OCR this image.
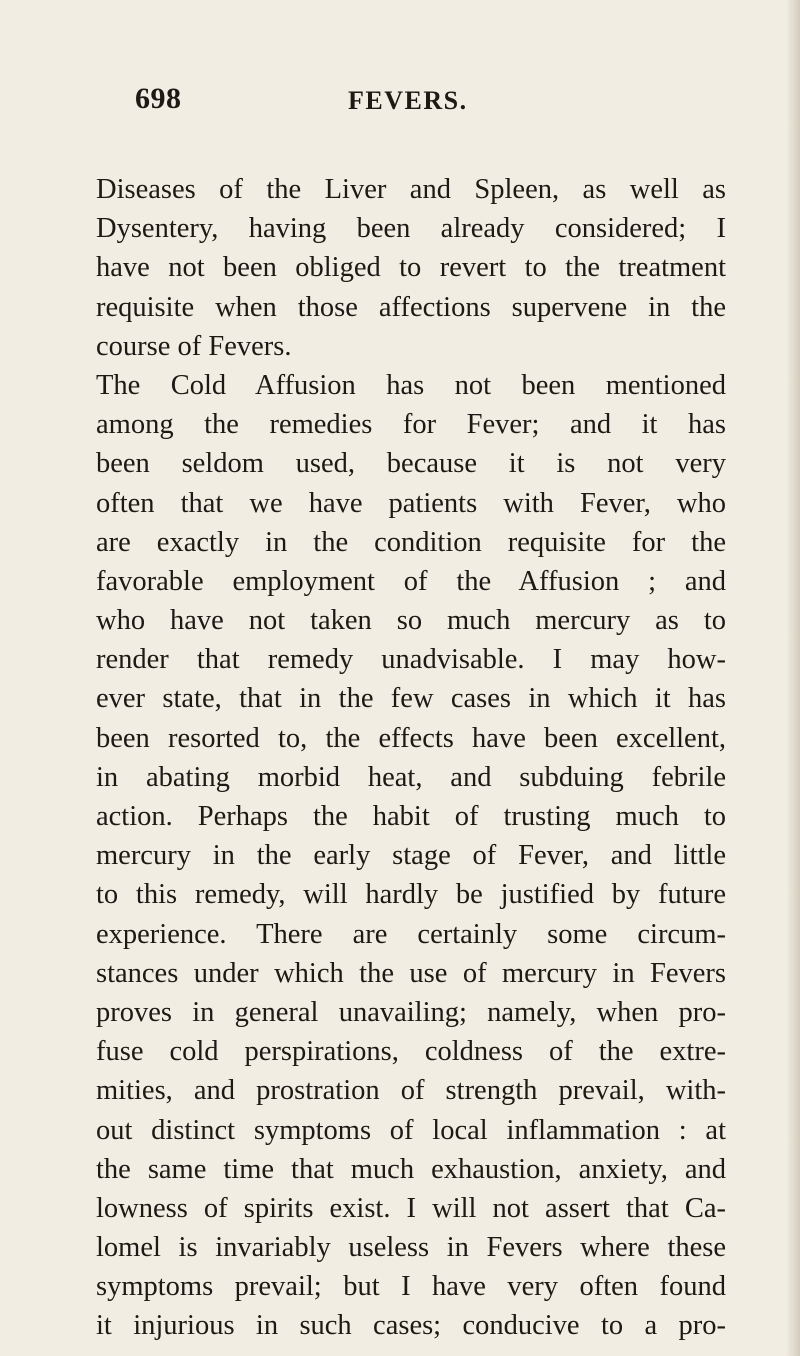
698	FEVERS.
Diseases of the Liver and Spleen, as well as
Dysentery, having been already considered; I
have not been obliged to revert to the treatment
requisite when those affections supervene in the
course of Fevers.
The Cold Affusion has not been mentioned
among the remedies for Fever; and it has
been seldom used, because it is not very
often that we have patients with Fever, who
are exactly in the condition requisite for the
favorable employment of the Affusion ; and
who have not taken so much mercury as to
render that remedy unadvisable. I may how-
ever state, that in the few cases in which it has
been resorted to, the effects have been excellent,
in abating morbid heat, and subduing febrile
action. Perhaps the habit of trusting much to
mercury in the early stage of Fever, and little
to this remedy, will hardly be justified by future
experience. There are certainly some circum-
stances under which the use of mercury in Fevers
proves in general unavailing; namely, when pro-
fuse cold perspirations, coldness of the extre-
mities, and prostration of strength prevail, with-
out distinct symptoms of local inflammation : at
the same time that much exhaustion, anxiety, and
lowness of spirits exist. I will not assert that Ca-
lomel is invariably useless in Fevers where these
symptoms prevail; but I have very often found
it injurious in such cases; conducive to a pro-
